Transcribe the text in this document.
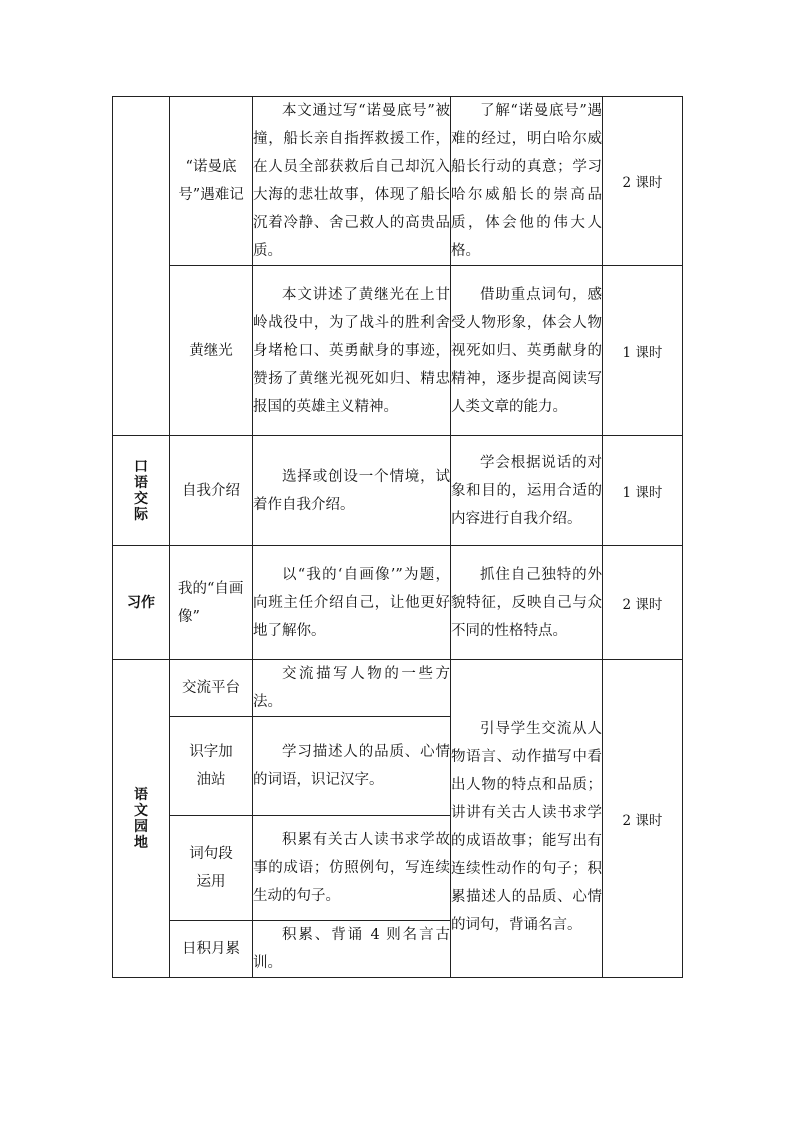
	“诺曼底号”遇难记	本文通过写“诺曼底号”被撞，船长亲自指挥救援工作，在人员全部获救后自己却沉入大海的悲壮故事，体现了船长沉着冷静、舍己救人的高贵品质。	了解“诺曼底号”遇难的经过，明白哈尔威船长行动的真意；学习哈尔威船长的崇高品质，体会他的伟大人格。	2 课时
	黄继光	本文讲述了黄继光在上甘岭战役中，为了战斗的胜利舍身堵枪口、英勇献身的事迹，赞扬了黄继光视死如归、精忠报国的英雄主义精神。	借助重点词句，感受人物形象，体会人物视死如归、英勇献身的精神，逐步提高阅读写人类文章的能力。	1 课时

口语交际	自我介绍	选择或创设一个情境，试着作自我介绍。	学会根据说话的对象和目的，运用合适的内容进行自我介绍。	1 课时

习作	我的“自画像”	以“我的‘自画像’”为题，向班主任介绍自己，让他更好地了解你。	抓住自己独特的外貌特征，反映自己与众不同的性格特点。	2 课时

语文园地	交流平台	交流描写人物的一些方法。	引导学生交流从人物语言、动作描写中看出人物的特点和品质；讲讲有关古人读书求学的成语故事；能写出有连续性动作的句子；积累描述人的品质、心情的词句，背诵名言。	2 课时

	识字加油站	学习描述人的品质、心情的词语，识记汉字。		

	词句段运用	积累有关古人读书求学故事的成语；仿照例句，写连续生动的句子。		
	日积月累	积累、背诵 4 则名言古训。		
